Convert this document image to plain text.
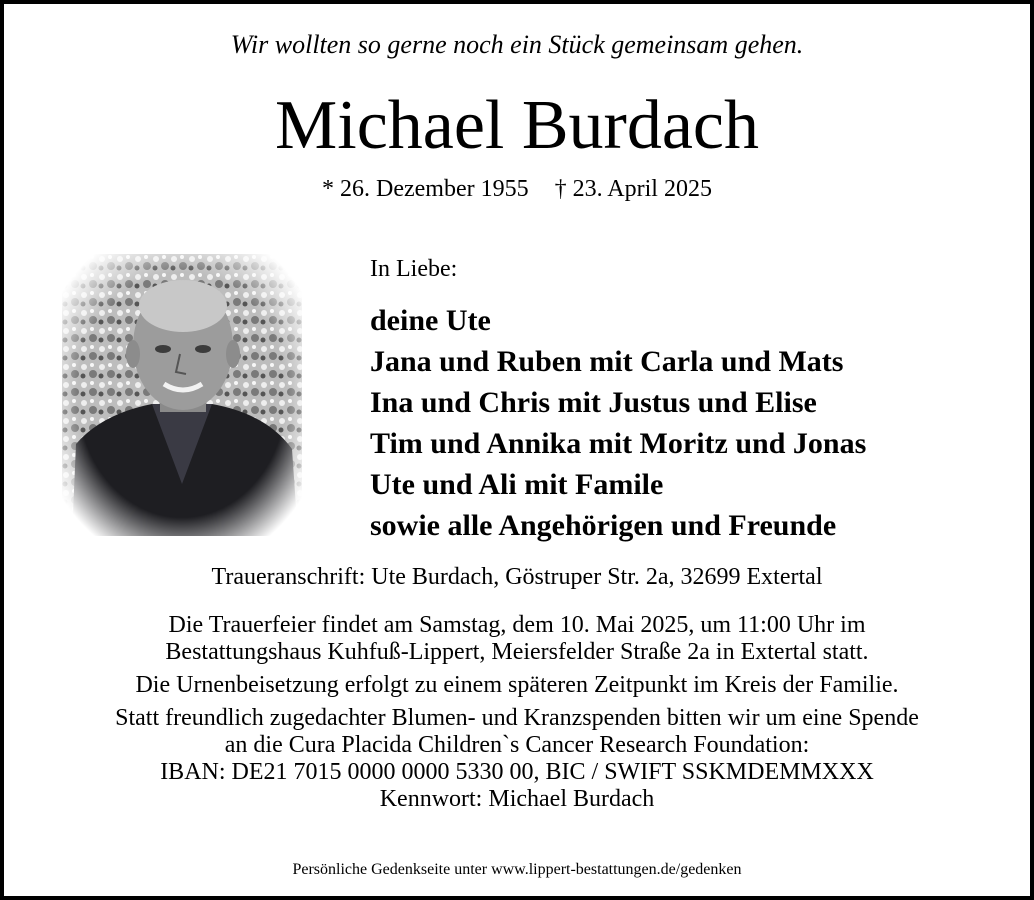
Wir wollten so gerne noch ein Stück gemeinsam gehen.
Michael Burdach
* 26. Dezember 1955 † 23. April 2025
In Liebe:
deine Ute
Jana und Ruben mit Carla und Mats
Ina und Chris mit Justus und Elise
Tim und Annika mit Moritz und Jonas
Ute und Ali mit Famile
sowie alle Angehörigen und Freunde
Traueranschrift: Ute Burdach, Göstruper Str. 2a, 32699 Extertal
Die Trauerfeier findet am Samstag, dem 10. Mai 2025, um 11:00 Uhr im
Bestattungshaus Kuhfuß-Lippert, Meiersfelder Straße 2a in Extertal statt.
Die Urnenbeisetzung erfolgt zu einem späteren Zeitpunkt im Kreis der Familie.
Statt freundlich zugedachter Blumen- und Kranzspenden bitten wir um eine Spende
an die Cura Placida Children`s Cancer Research Foundation:
IBAN: DE21 7015 0000 0000 5330 00, BIC / SWIFT SSKMDEMMXXX
Kennwort: Michael Burdach
Persönliche Gedenkseite unter www.lippert-bestattungen.de/gedenken
